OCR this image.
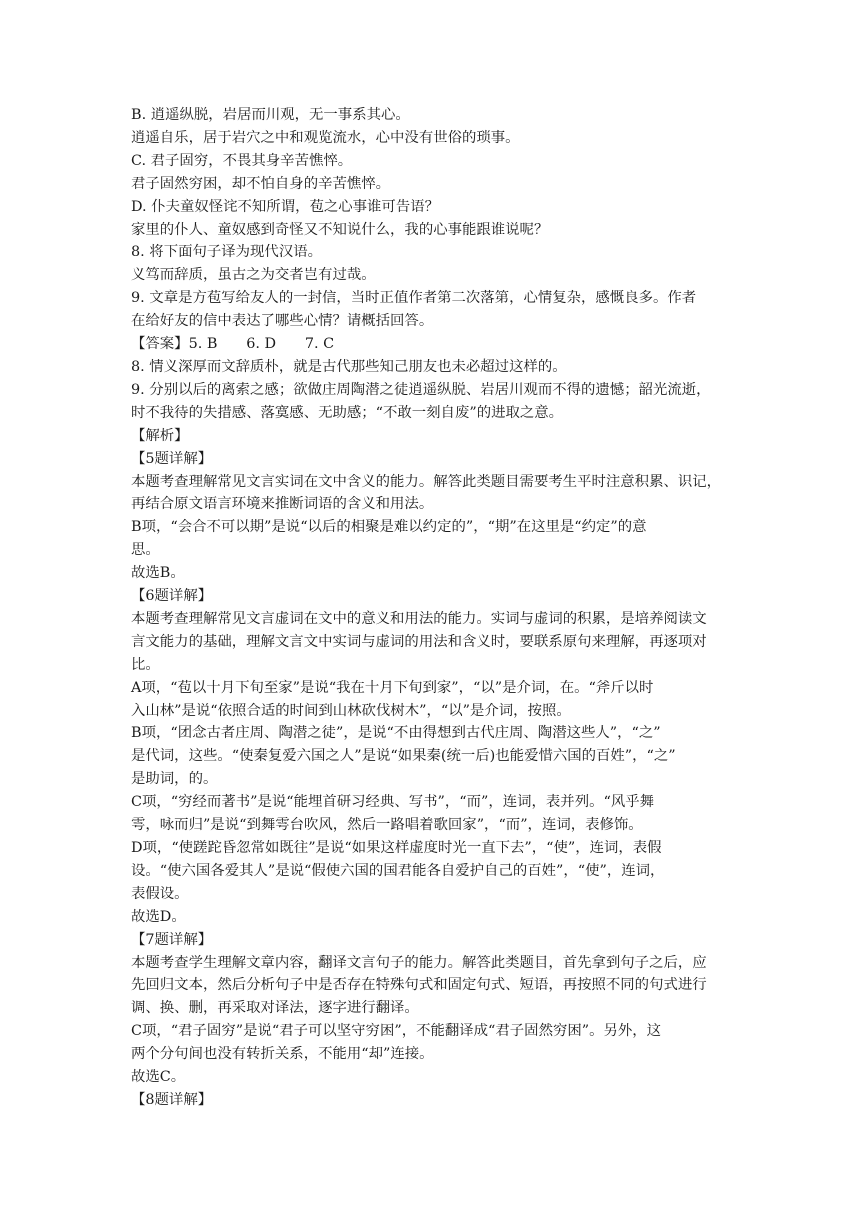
B. 逍遥纵脱，岩居而川观，无一事系其心。

逍遥自乐，居于岩穴之中和观览流水，心中没有世俗的琐事。

C. 君子固穷，不畏其身辛苦憔悴。

君子固然穷困，却不怕自身的辛苦憔悴。

D. 仆夫童奴怪诧不知所谓，苞之心事谁可告语？

家里的仆人、童奴感到奇怪又不知说什么，我的心事能跟谁说呢？

8. 将下面句子译为现代汉语。

义笃而辞质，虽古之为交者岂有过哉。

9. 文章是方苞写给友人的一封信，当时正值作者第二次落第，心情复杂，感慨良多。作者

在给好友的信中表达了哪些心情？请概括回答。

【答案】5. B　　6. D　　7. C

8. 情义深厚而文辞质朴，就是古代那些知己朋友也未必超过这样的。

9. 分别以后的离索之感；欲做庄周陶潜之徒逍遥纵脱、岩居川观而不得的遗憾；韶光流逝，

时不我待的失措感、落寞感、无助感；“不敢一刻自废”的进取之意。

【解析】

【5题详解】

本题考查理解常见文言实词在文中含义的能力。解答此类题目需要考生平时注意积累、识记，

再结合原文语言环境来推断词语的含义和用法。

B项，“会合不可以期”是说“以后的相聚是难以约定的”，“期”在这里是“约定”的意

思。

故选B。

【6题详解】

本题考查理解常见文言虚词在文中的意义和用法的能力。实词与虚词的积累，是培养阅读文

言文能力的基础，理解文言文中实词与虚词的用法和含义时，要联系原句来理解，再逐项对

比。

A项，“苞以十月下旬至家”是说“我在十月下旬到家”，“以”是介词，在。“斧斤以时

入山林”是说“依照合适的时间到山林砍伐树木”，“以”是介词，按照。

B项，“团念古者庄周、陶潜之徒”，是说“不由得想到古代庄周、陶潜这些人”，“之”

是代词，这些。“使秦复爱六国之人”是说“如果秦(统一后)也能爱惜六国的百姓”，“之”

是助词，的。

C项，“穷经而著书”是说“能埋首研习经典、写书”，“而”，连词，表并列。“风乎舞

雩，咏而归”是说“到舞雩台吹风，然后一路唱着歌回家”，“而”，连词，表修饰。

D项，“使蹉跎昏忽常如既往”是说“如果这样虚度时光一直下去”，“使”，连词，表假

设。“使六国各爱其人”是说“假使六国的国君能各自爱护自己的百姓”，“使”，连词，

表假设。

故选D。

【7题详解】

本题考查学生理解文章内容，翻译文言句子的能力。解答此类题目，首先拿到句子之后，应

先回归文本，然后分析句子中是否存在特殊句式和固定句式、短语，再按照不同的句式进行

调、换、删，再采取对译法，逐字进行翻译。

C项，“君子固穷”是说“君子可以坚守穷困”，不能翻译成“君子固然穷困”。另外，这

两个分句间也没有转折关系，不能用“却”连接。

故选C。

【8题详解】
